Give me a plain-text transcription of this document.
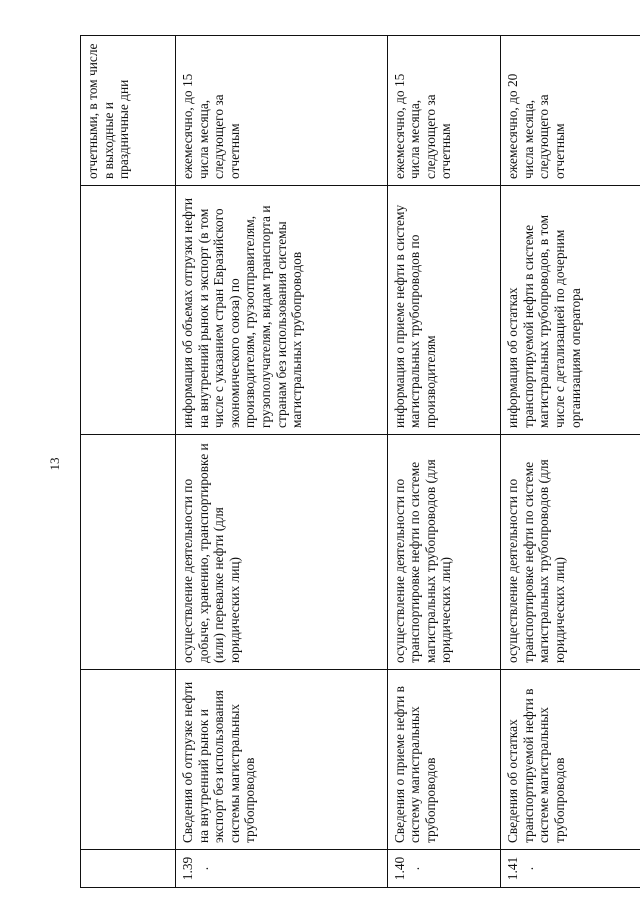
13
				отчетными, в том числе в выходные и праздничные дни
1.39.	Сведения об отгрузке нефти на внутренний рынок и экспорт без использования системы магистральных трубопроводов	осуществление деятельности по добыче, хранению, транспортировке и (или) перевалке нефти (для юридических лиц)	информация об объемах отгрузки нефти на внутренний рынок и экспорт (в том числе с указанием стран Евразийского экономического союза) по производителям, грузоотправителям, грузополучателям, видам транспорта и странам без использования системы магистральных трубопроводов	ежемесячно, до 15 числа месяца, следующего за отчетным
1.40.	Сведения о приеме нефти в систему магистральных трубопроводов	осуществление деятельности по транспортировке нефти по системе магистральных трубопроводов (для юридических лиц)	информация о приеме нефти в систему магистральных трубопроводов по производителям	ежемесячно, до 15 числа месяца, следующего за отчетным
1.41.	Сведения об остатках транспортируемой нефти в системе магистральных трубопроводов	осуществление деятельности по транспортировке нефти по системе магистральных трубопроводов (для юридических лиц)	информация об остатках транспортируемой нефти в системе магистральных трубопроводов, в том числе с детализацией по дочерним организациям оператора	ежемесячно, до 20 числа месяца, следующего за отчетным
